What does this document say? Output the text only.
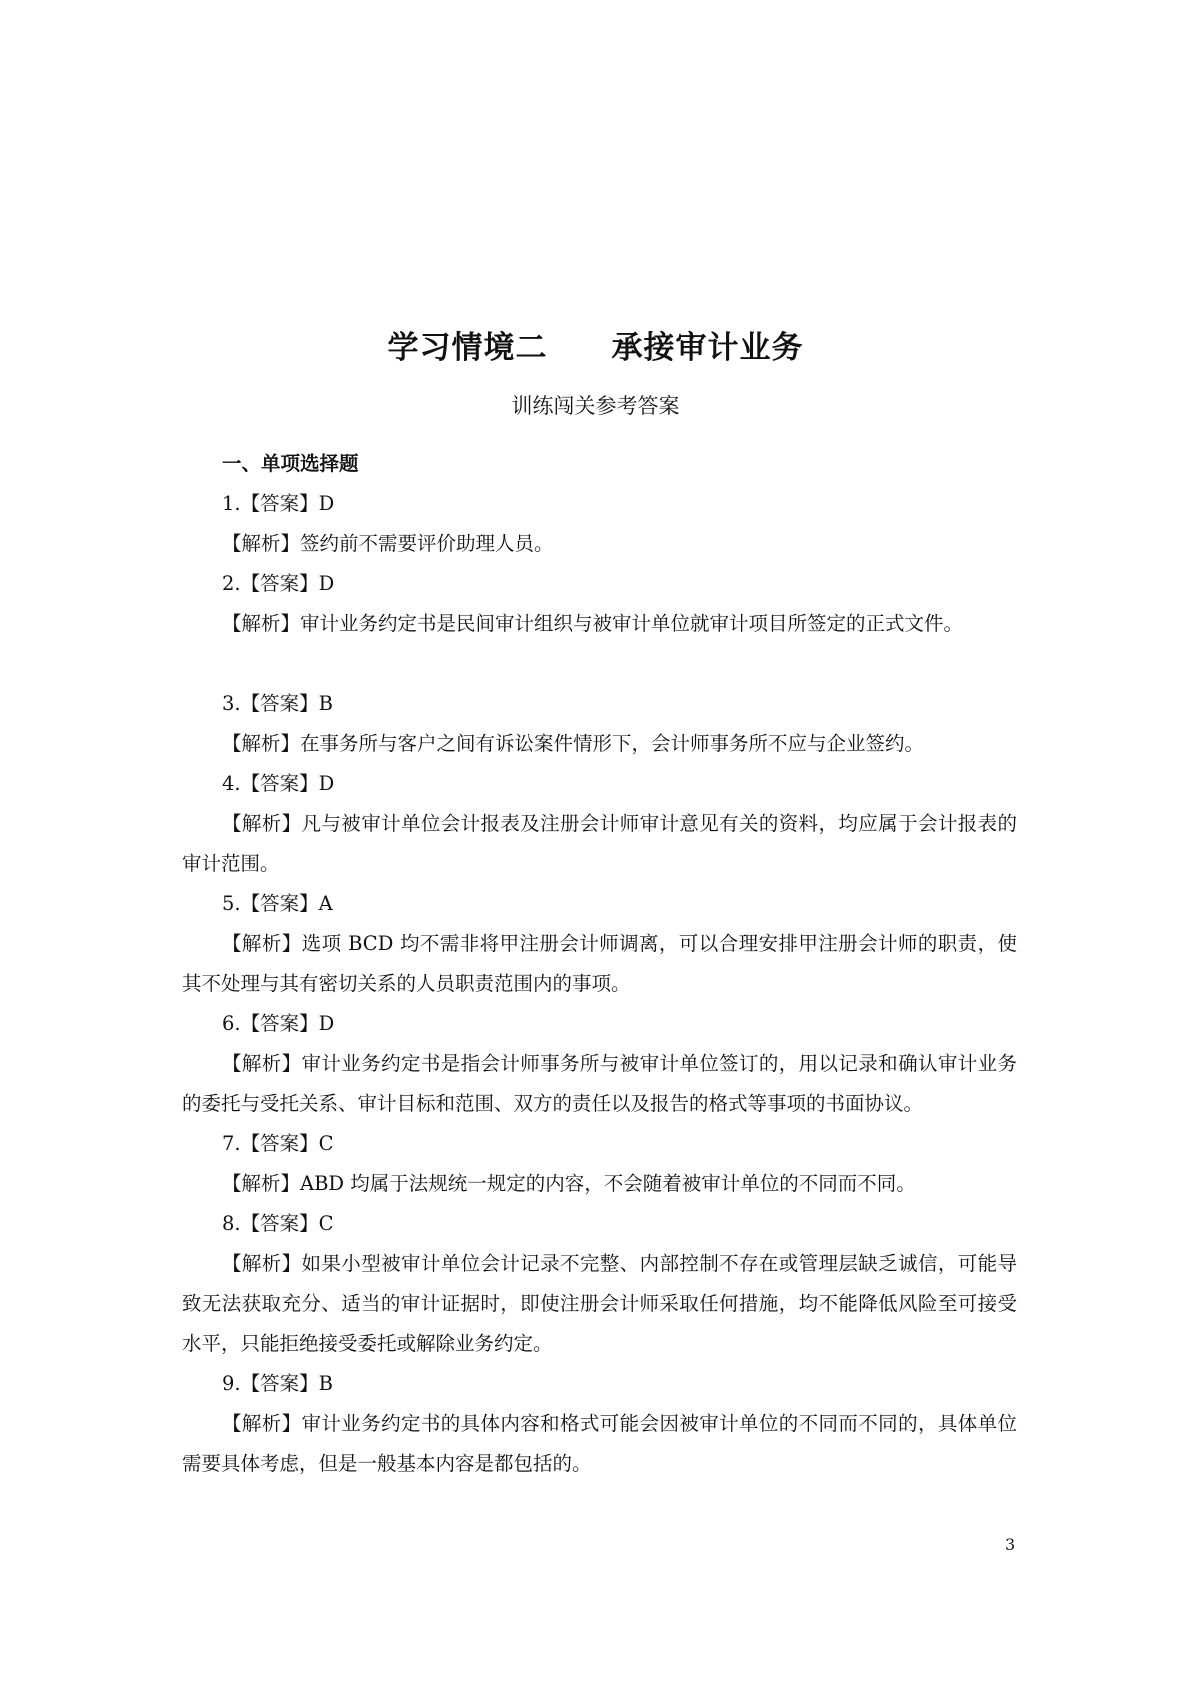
学习情境二　　承接审计业务
训练闯关参考答案

一、单项选择题

1.【答案】D

【解析】签约前不需要评价助理人员。

2.【答案】D

【解析】审计业务约定书是民间审计组织与被审计单位就审计项目所签定的正式文件。

3.【答案】B

【解析】在事务所与客户之间有诉讼案件情形下，会计师事务所不应与企业签约。

4.【答案】D

【解析】凡与被审计单位会计报表及注册会计师审计意见有关的资料，均应属于会计报表的审计范围。

5.【答案】A

【解析】选项 BCD 均不需非将甲注册会计师调离，可以合理安排甲注册会计师的职责，使其不处理与其有密切关系的人员职责范围内的事项。

6.【答案】D

【解析】审计业务约定书是指会计师事务所与被审计单位签订的，用以记录和确认审计业务的委托与受托关系、审计目标和范围、双方的责任以及报告的格式等事项的书面协议。

7.【答案】C

【解析】ABD 均属于法规统一规定的内容，不会随着被审计单位的不同而不同。

8.【答案】C

【解析】如果小型被审计单位会计记录不完整、内部控制不存在或管理层缺乏诚信，可能导致无法获取充分、适当的审计证据时，即使注册会计师采取任何措施，均不能降低风险至可接受水平，只能拒绝接受委托或解除业务约定。

9.【答案】B

【解析】审计业务约定书的具体内容和格式可能会因被审计单位的不同而不同的，具体单位需要具体考虑，但是一般基本内容是都包括的。

3
